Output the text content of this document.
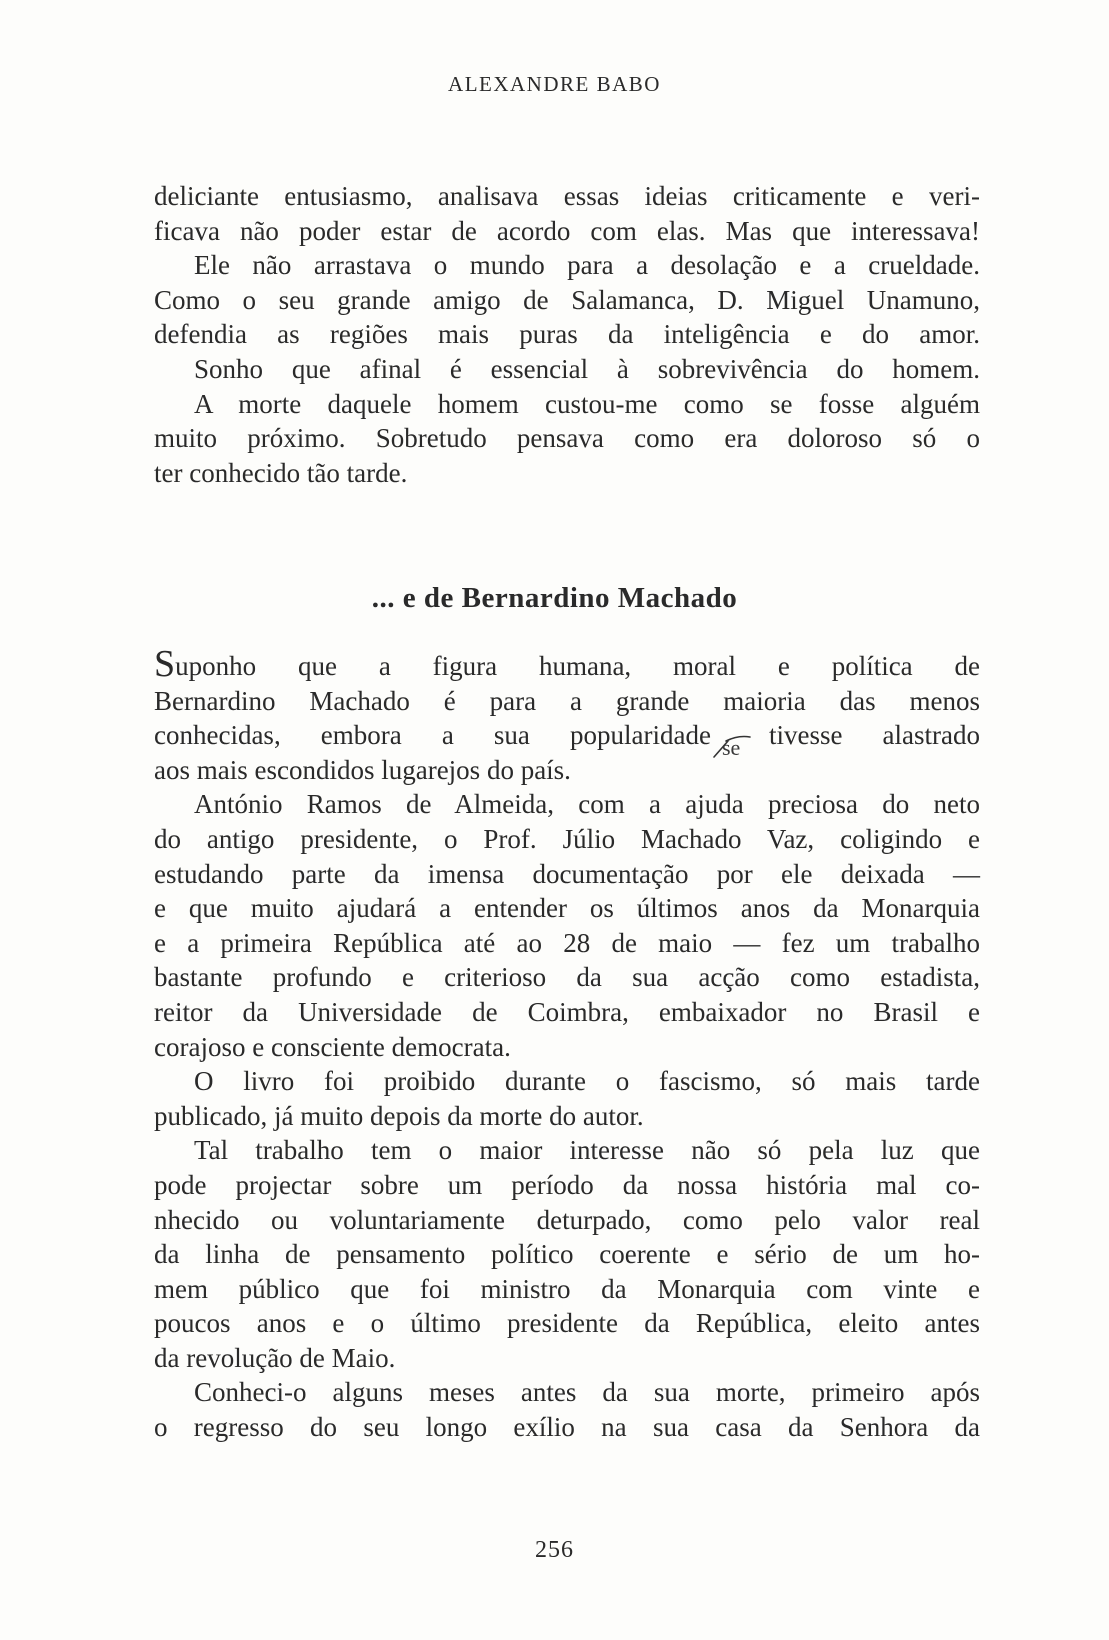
ALEXANDRE BABO
deliciante entusiasmo, analisava essas ideias criticamente e veri-
ficava não poder estar de acordo com elas. Mas que interessava!
Ele não arrastava o mundo para a desolação e a crueldade.
Como o seu grande amigo de Salamanca, D. Miguel Unamuno,
defendia as regiões mais puras da inteligência e do amor.
Sonho que afinal é essencial à sobrevivência do homem.
A morte daquele homem custou-me como se fosse alguém
muito próximo. Sobretudo pensava como era doloroso só o
ter conhecido tão tarde.
... e de Bernardino Machado
Suponho que a figura humana, moral e política de
Bernardino Machado é para a grande maioria das menos
conhecidas, embora a sua popularidade tivesse alastrado
aos mais escondidos lugarejos do país.
António Ramos de Almeida, com a ajuda preciosa do neto
do antigo presidente, o Prof. Júlio Machado Vaz, coligindo e
estudando parte da imensa documentação por ele deixada —
e que muito ajudará a entender os últimos anos da Monarquia
e a primeira República até ao 28 de maio — fez um trabalho
bastante profundo e criterioso da sua acção como estadista,
reitor da Universidade de Coimbra, embaixador no Brasil e
corajoso e consciente democrata.
O livro foi proibido durante o fascismo, só mais tarde
publicado, já muito depois da morte do autor.
Tal trabalho tem o maior interesse não só pela luz que
pode projectar sobre um período da nossa história mal co-
nhecido ou voluntariamente deturpado, como pelo valor real
da linha de pensamento político coerente e sério de um ho-
mem público que foi ministro da Monarquia com vinte e
poucos anos e o último presidente da República, eleito antes
da revolução de Maio.
Conheci-o alguns meses antes da sua morte, primeiro após
o regresso do seu longo exílio na sua casa da Senhora da
se
256
